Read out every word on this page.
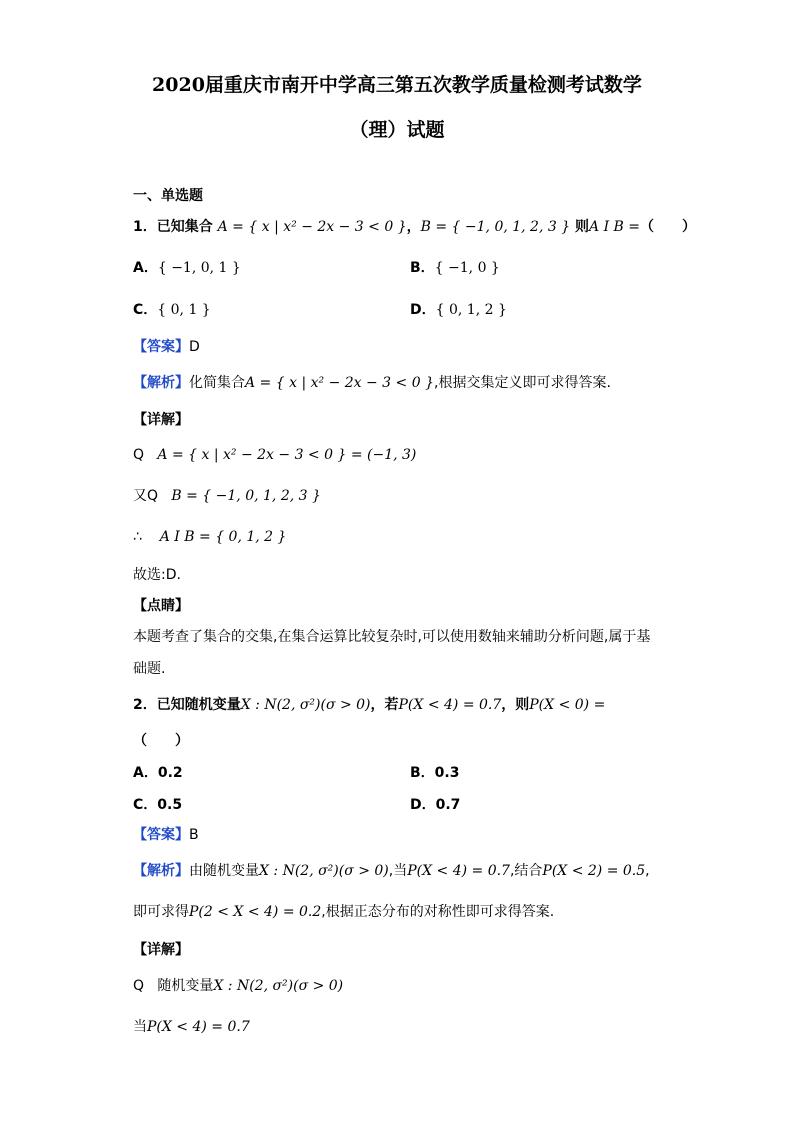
2020届重庆市南开中学高三第五次教学质量检测考试数学
（理）试题
一、单选题
1．已知集合 A = { x | x² − 2x − 3 < 0 }，B = { −1, 0, 1, 2, 3 } 则A I B =（　　）
A．{ −1, 0, 1 }	B．{ −1, 0 }
C．{ 0, 1 }	D．{ 0, 1, 2 }
【答案】D
【解析】化简集合A = { x | x² − 2x − 3 < 0 },根据交集定义即可求得答案.
【详解】
Q A = { x | x² − 2x − 3 < 0 } = (−1, 3)
又Q B = { −1, 0, 1, 2, 3 }
∴ A I B = { 0, 1, 2 }
故选:D.
【点睛】
本题考查了集合的交集,在集合运算比较复杂时,可以使用数轴来辅助分析问题,属于基
础题.
2．已知随机变量X : N(2, σ²)(σ > 0)，若P(X < 4) = 0.7，则P(X < 0) =
（　　）
A．0.2	B．0.3
C．0.5	D．0.7
【答案】B
【解析】由随机变量X : N(2, σ²)(σ > 0),当P(X < 4) = 0.7,结合P(X < 2) = 0.5,
即可求得P(2 < X < 4) = 0.2,根据正态分布的对称性即可求得答案.
【详解】
Q 随机变量X : N(2, σ²)(σ > 0)
当P(X < 4) = 0.7
